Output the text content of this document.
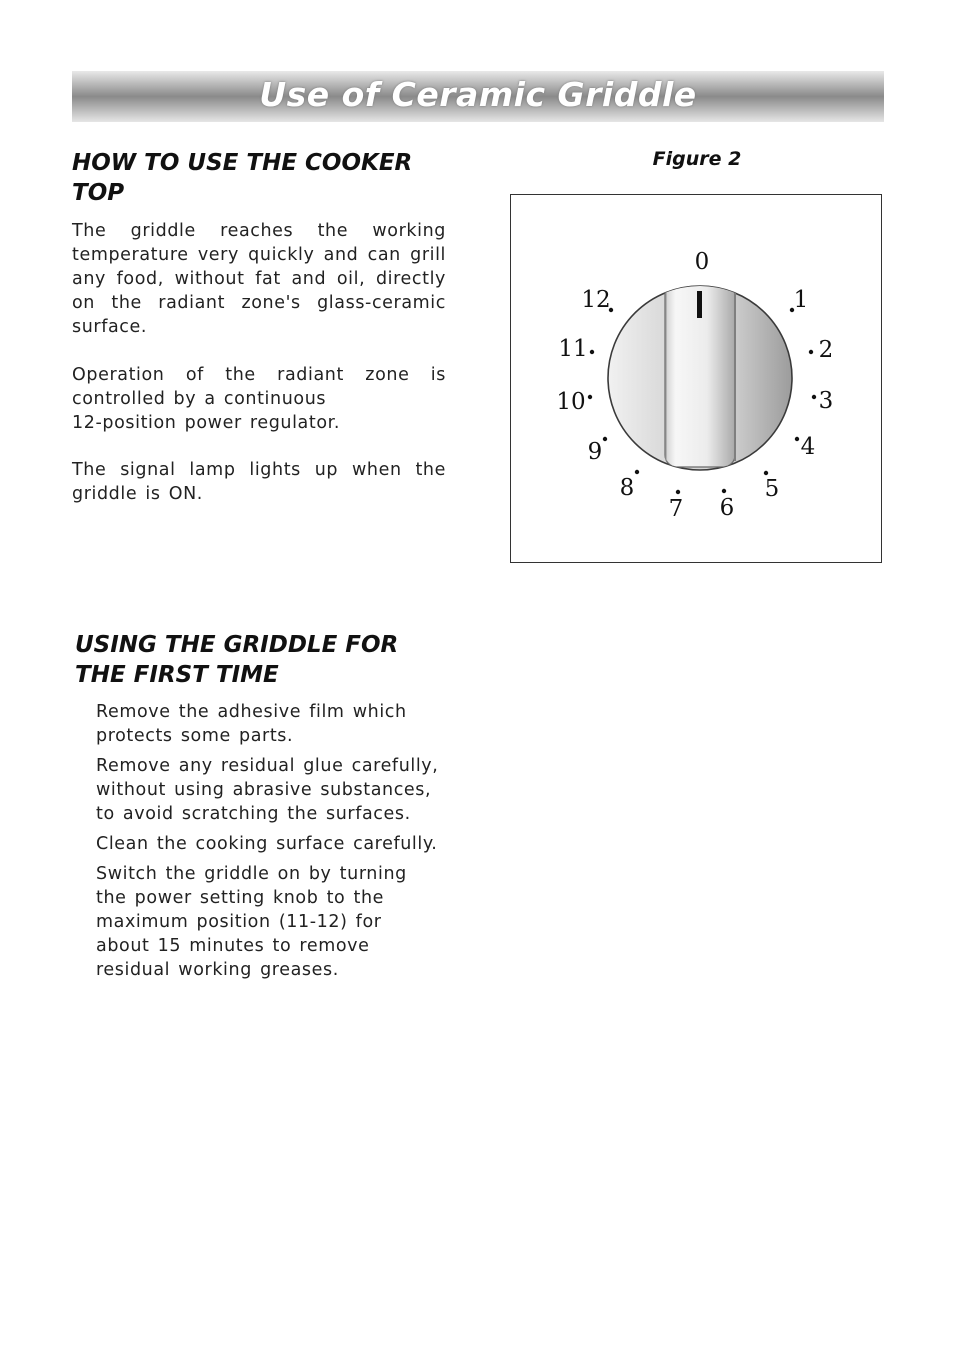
Use of Ceramic Griddle
HOW TO USE THE COOKER
TOP

The griddle reaches the working
temperature very quickly and can grill
any food, without fat and oil, directly
on the radiant zone's glass-ceramic
surface.

Operation of the radiant zone is
controlled by a continuous
12-position power regulator.

The signal lamp lights up when the
griddle is ON.

Figure 2
0
1
2
3
4
5
6
7
8
9
10
11
12
USING THE GRIDDLE FOR
THE FIRST TIME
Remove the adhesive film which
protects some parts.
Remove any residual glue carefully,
without using abrasive substances,
to avoid scratching the surfaces.
Clean the cooking surface carefully.
Switch the griddle on by turning
the power setting knob to the
maximum position (11-12) for
about 15 minutes to remove
residual working greases.
